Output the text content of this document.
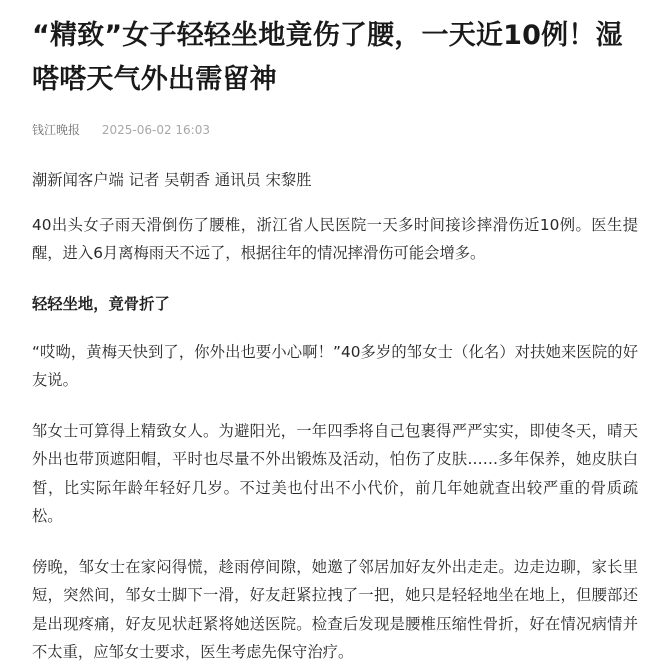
“精致”女子轻轻坐地竟伤了腰，一天近10例！湿嗒嗒天气外出需留神
钱江晚报 2025-06-02 16:03

潮新闻客户端 记者 吴朝香 通讯员 宋黎胜

40出头女子雨天滑倒伤了腰椎，浙江省人民医院一天多时间接诊摔滑伤近10例。医生提醒，进入6月离梅雨天不远了，根据往年的情况摔滑伤可能会增多。

轻轻坐地，竟骨折了

“哎呦，黄梅天快到了，你外出也要小心啊！”40多岁的邹女士（化名）对扶她来医院的好友说。

邹女士可算得上精致女人。为避阳光，一年四季将自己包裹得严严实实，即使冬天，晴天外出也带顶遮阳帽，平时也尽量不外出锻炼及活动，怕伤了皮肤……多年保养，她皮肤白皙，比实际年龄年轻好几岁。不过美也付出不小代价，前几年她就查出较严重的骨质疏松。

傍晚，邹女士在家闷得慌，趁雨停间隙，她邀了邻居加好友外出走走。边走边聊，家长里短，突然间，邹女士脚下一滑，好友赶紧拉拽了一把，她只是轻轻地坐在地上，但腰部还是出现疼痛，好友见状赶紧将她送医院。检查后发现是腰椎压缩性骨折，好在情况病情并不太重，应邹女士要求，医生考虑先保守治疗。
